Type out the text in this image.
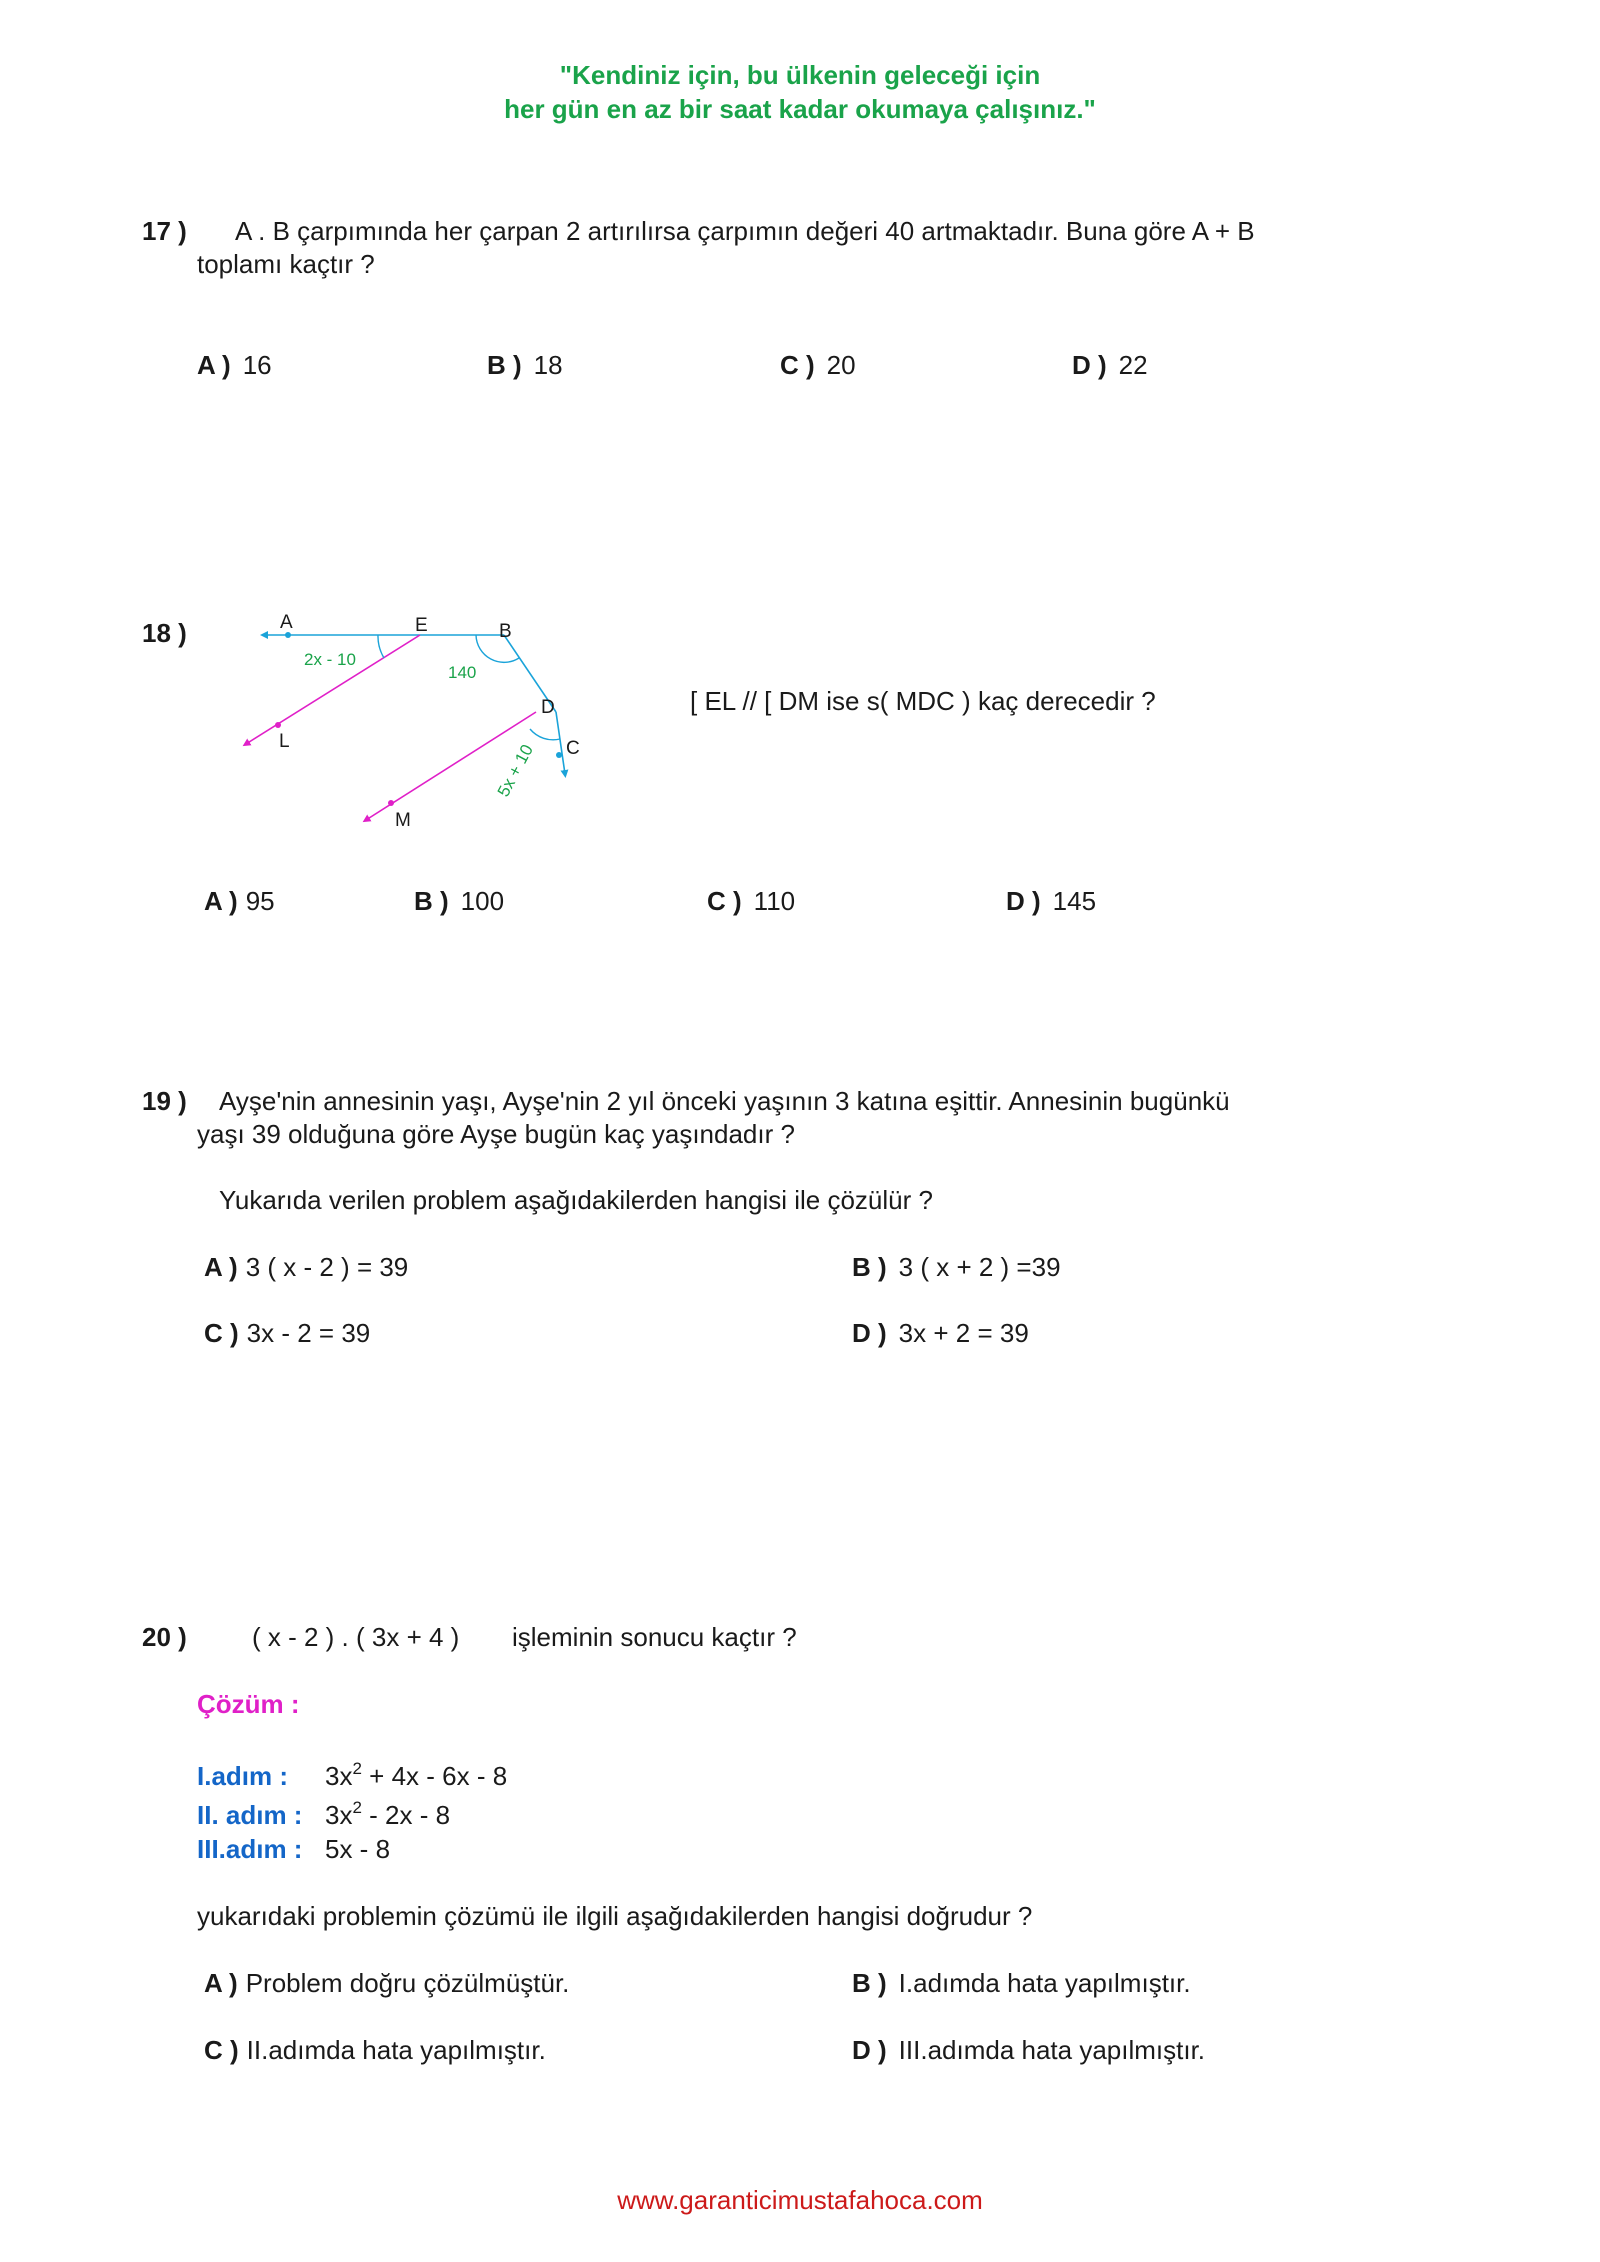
"Kendiniz için, bu ülkenin geleceği için
her gün en az bir saat kadar okumaya çalışınız."
17 ) A . B çarpımında her çarpan 2 artırılırsa çarpımın değeri 40 artmaktadır. Buna göre A + B
toplamı kaçtır ?
A ) 16	B ) 18	C ) 20	D ) 22
18 )	A	E	B
D
C
L
M
2x - 10
140
5x + 10
[ EL // [ DM ise s( MDC ) kaç derecedir ?
A ) 95	B ) 100	C ) 110	D ) 145
19 ) Ayşe'nin annesinin yaşı, Ayşe'nin 2 yıl önceki yaşının 3 katına eşittir. Annesinin bugünkü
yaşı 39 olduğuna göre Ayşe bugün kaç yaşındadır ?
Yukarıda verilen problem aşağıdakilerden hangisi ile çözülür ?
A ) 3 ( x - 2 ) = 39	B ) 3 ( x + 2 ) =39
C ) 3x - 2 = 39	D ) 3x + 2 = 39
20 )	( x - 2 ) . ( 3x + 4 ) işleminin sonucu kaçtır ?
Çözüm :
I.adım : $3x^2 + 4x - 6x - 8$
II. adım : $3x^2 - 2x - 8$
III.adım : 5x - 8
yukarıdaki problemin çözümü ile ilgili aşağıdakilerden hangisi doğrudur ?
A ) Problem doğru çözülmüştür.	B ) I.adımda hata yapılmıştır.
C ) II.adımda hata yapılmıştır.	D ) III.adımda hata yapılmıştır.
www.garanticimustafahoca.com
